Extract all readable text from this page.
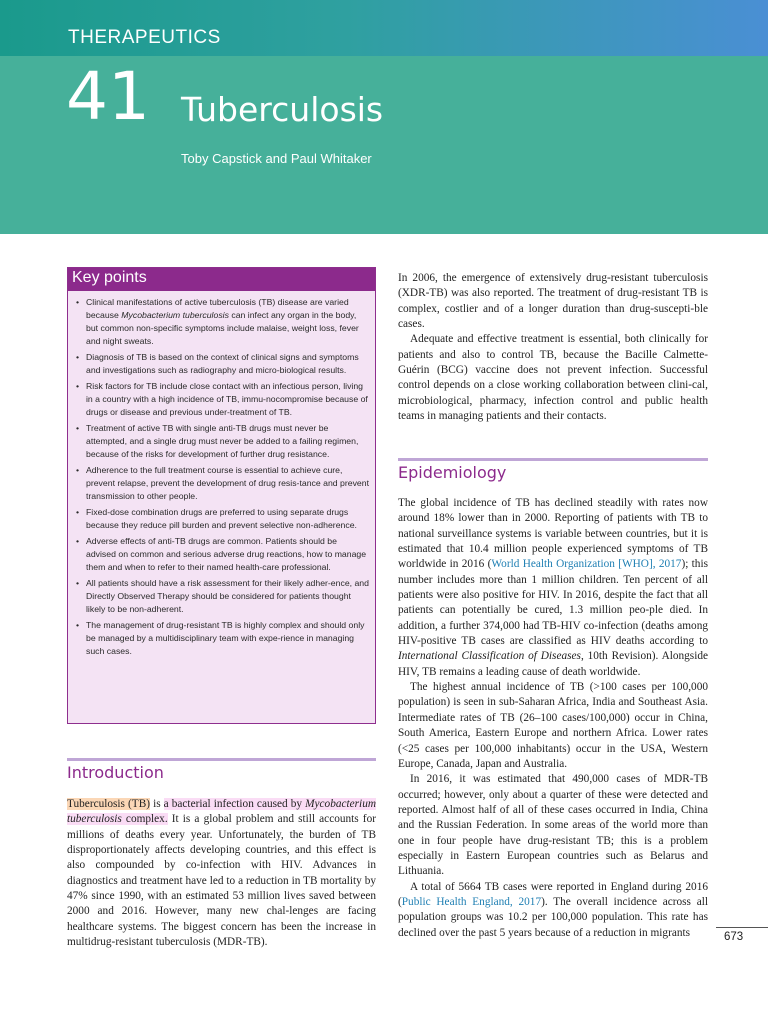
THERAPEUTICS
41 Tuberculosis
Toby Capstick and Paul Whitaker
Key points
• Clinical manifestations of active tuberculosis (TB) disease are varied because Mycobacterium tuberculosis can infect any organ in the body, but common non-specific symptoms include malaise, weight loss, fever and night sweats.
• Diagnosis of TB is based on the context of clinical signs and symptoms and investigations such as radiography and micro-biological results.
• Risk factors for TB include close contact with an infectious person, living in a country with a high incidence of TB, immu-nocompromise because of drugs or disease and previous under-treatment of TB.
• Treatment of active TB with single anti-TB drugs must never be attempted, and a single drug must never be added to a failing regimen, because of the risks for development of further drug resistance.
• Adherence to the full treatment course is essential to achieve cure, prevent relapse, prevent the development of drug resis-tance and prevent transmission to other people.
• Fixed-dose combination drugs are preferred to using separate drugs because they reduce pill burden and prevent selective non-adherence.
• Adverse effects of anti-TB drugs are common. Patients should be advised on common and serious adverse drug reactions, how to manage them and when to refer to their named health-care professional.
• All patients should have a risk assessment for their likely adher-ence, and Directly Observed Therapy should be considered for patients thought likely to be non-adherent.
• The management of drug-resistant TB is highly complex and should only be managed by a multidisciplinary team with expe-rience in managing such cases.
Introduction

Tuberculosis (TB) is a bacterial infection caused by Mycobacterium tuberculosis complex. It is a global problem and still accounts for millions of deaths every year. Unfortunately, the burden of TB disproportionately affects developing countries, and this effect is also compounded by co-infection with HIV. Advances in diagnostics and treatment have led to a reduction in TB mortality by 47% since 1990, with an estimated 53 million lives saved between 2000 and 2016. However, many new chal-lenges are facing healthcare systems. The biggest concern has been the increase in multidrug-resistant tuberculosis (MDR-TB).

In 2006, the emergence of extensively drug-resistant tuberculosis (XDR-TB) was also reported. The treatment of drug-resistant TB is complex, costlier and of a longer duration than drug-suscepti-ble cases.

Adequate and effective treatment is essential, both clinically for patients and also to control TB, because the Bacille Calmette-Guérin (BCG) vaccine does not prevent infection. Successful control depends on a close working collaboration between clini-cal, microbiological, pharmacy, infection control and public health teams in managing patients and their contacts.

Epidemiology

The global incidence of TB has declined steadily with rates now around 18% lower than in 2000. Reporting of patients with TB to national surveillance systems is variable between countries, but it is estimated that 10.4 million people experienced symptoms of TB worldwide in 2016 (World Health Organization [WHO], 2017); this number includes more than 1 million children. Ten percent of all patients were also positive for HIV. In 2016, despite the fact that all patients can potentially be cured, 1.3 million peo-ple died. In addition, a further 374,000 had TB-HIV co-infection (deaths among HIV-positive TB cases are classified as HIV deaths according to International Classification of Diseases, 10th Revision). Alongside HIV, TB remains a leading cause of death worldwide.

The highest annual incidence of TB (>100 cases per 100,000 population) is seen in sub-Saharan Africa, India and Southeast Asia. Intermediate rates of TB (26–100 cases/100,000) occur in China, South America, Eastern Europe and northern Africa. Lower rates (<25 cases per 100,000 inhabitants) occur in the USA, Western Europe, Canada, Japan and Australia.

In 2016, it was estimated that 490,000 cases of MDR-TB occurred; however, only about a quarter of these were detected and reported. Almost half of all of these cases occurred in India, China and the Russian Federation. In some areas of the world more than one in four people have drug-resistant TB; this is a problem especially in Eastern European countries such as Belarus and Lithuania.

A total of 5664 TB cases were reported in England during 2016 (Public Health England, 2017). The overall incidence across all population groups was 10.2 per 100,000 population. This rate has declined over the past 5 years because of a reduction in migrants	673
